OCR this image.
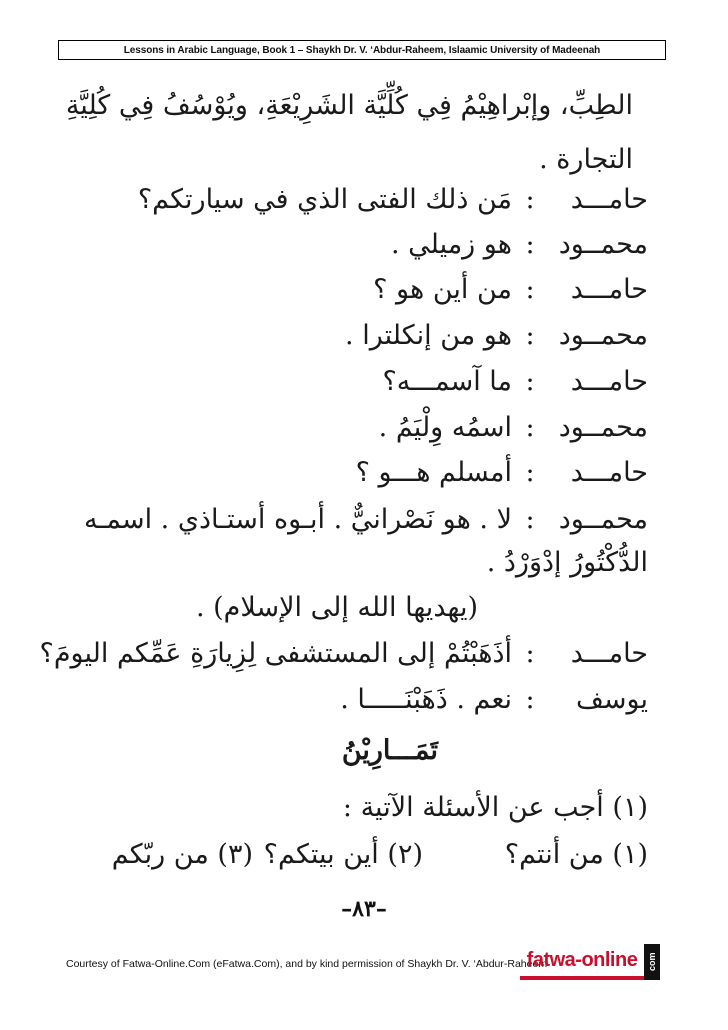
Lessons in Arabic Language, Book 1 – Shaykh Dr. V. ‘Abdur-Raheem, Islaamic University of Madeenah
الطِبِّ، وإبْراهِيْمُ فِي كُلِّيَّة الشَرِيْعَةِ، ويُوْسُفُ فِي كُلِيَّةِ
التجارة .
حامـــد:مَن ذلك الفتى الذي في سيارتكم؟
محمــود:هو زميلي .
حامـــد:من أين هو ؟
محمــود:هو من إنكلترا .
حامـــد:ما آسمـــه؟
محمــود:اسمُه وِلْيَمُ .
حامـــد:أمسلم هـــو ؟
محمــود:لا . هو نَصْرانيٌّ . أبـوه أستـاذي . اسمـه
الدُّكْتُورُ إدْوَرْدُ .
(يهديها الله إلى الإسلام) .
حامـــد:أذَهَبْتُمْ إلى المستشفى لِزِيارَةِ عَمِّكم اليومَ؟
يوسف:نعم . ذَهَبْنَـــــا .
تَمَـــارِيْنُ
(١) أجب عن الأسئلة الآتية :
(١) من أنتم؟
(٢) أين بيتكم؟
(٣) من ربّكم
–٨٣–
Courtesy of Fatwa-Online.Com (eFatwa.Com), and by kind permission of Shaykh Dr. V. ‘Abdur-Raheem
fatwa-online	com
